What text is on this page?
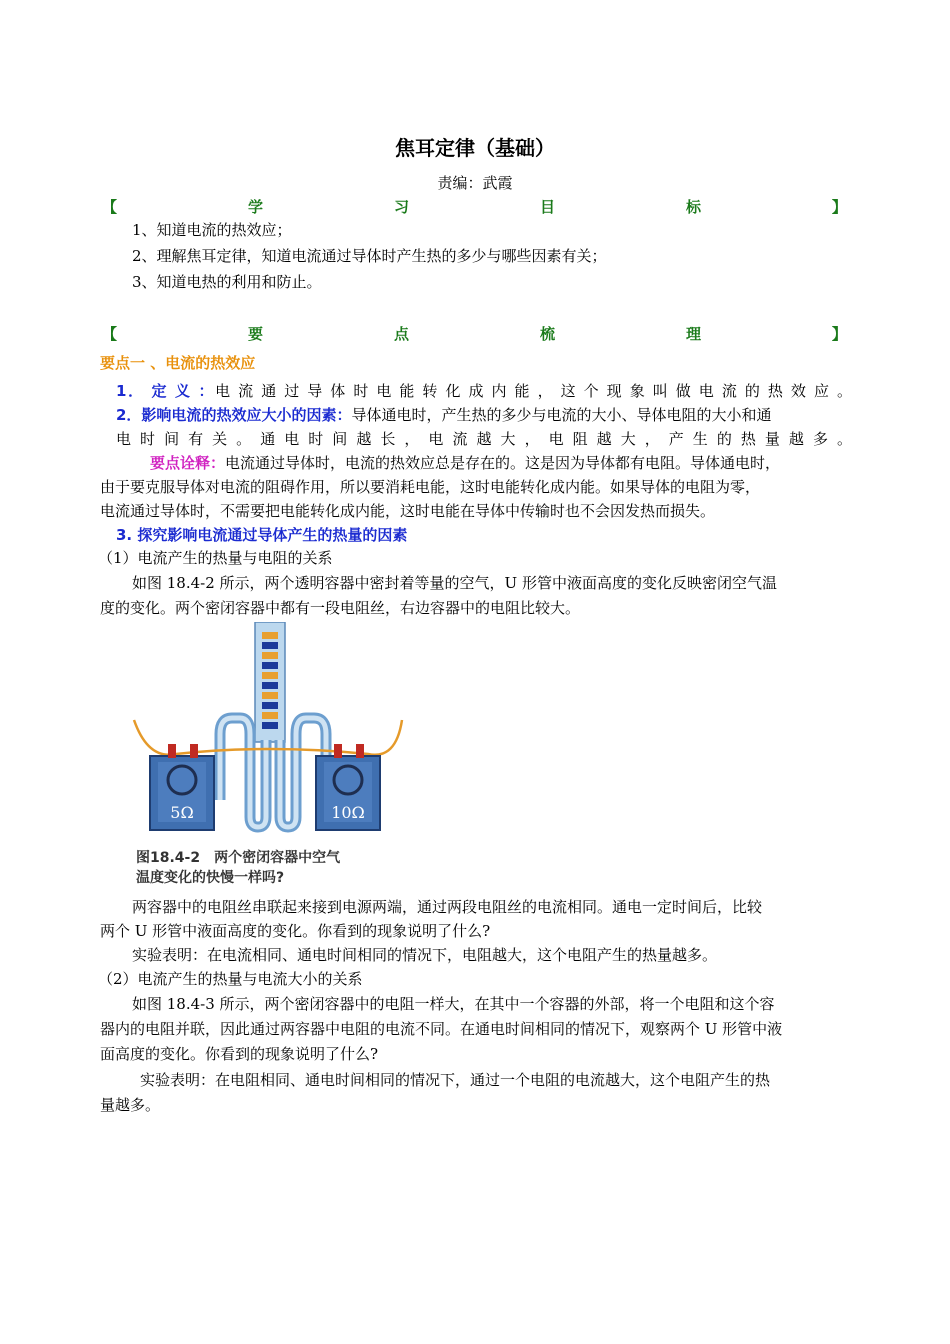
焦耳定律（基础）
责编：武霞
【	学	习	目	标	】
1、知道电流的热效应；
2、理解焦耳定律，知道电流通过导体时产生热的多少与哪些因素有关；
3、知道电热的利用和防止。
【	要	点	梳	理	】
要点一 、电流的热效应
1． 定 义 ：电 流 通 过 导 体 时 电 能 转 化 成 内 能 ， 这 个 现 象 叫 做 电 流 的 热 效 应 。
2．影响电流的热效应大小的因素：导体通电时，产生热的多少与电流的大小、导体电阻的大小和通
电 时 间 有 关 。 通 电 时 间 越 长 ， 电 流 越 大 ， 电 阻 越 大 ， 产 生 的 热 量 越 多 。
要点诠释：电流通过导体时，电流的热效应总是存在的。这是因为导体都有电阻。导体通电时，
由于要克服导体对电流的阻碍作用，所以要消耗电能，这时电能转化成内能。如果导体的电阻为零，
电流通过导体时，不需要把电能转化成内能，这时电能在导体中传输时也不会因发热而损失。
3. 探究影响电流通过导体产生的热量的因素
（1）电流产生的热量与电阻的关系
如图 18.4-2 所示，两个透明容器中密封着等量的空气，U 形管中液面高度的变化反映密闭空气温
度的变化。两个密闭容器中都有一段电阻丝，右边容器中的电阻比较大。
5Ω	10Ω
图18.4-2　两个密闭容器中空气
温度变化的快慢一样吗?
两容器中的电阻丝串联起来接到电源两端，通过两段电阻丝的电流相同。通电一定时间后，比较
两个 U 形管中液面高度的变化。你看到的现象说明了什么?
实验表明：在电流相同、通电时间相同的情况下，电阻越大，这个电阻产生的热量越多。
（2）电流产生的热量与电流大小的关系
如图 18.4-3 所示，两个密闭容器中的电阻一样大，在其中一个容器的外部，将一个电阻和这个容
器内的电阻并联，因此通过两容器中电阻的电流不同。在通电时间相同的情况下，观察两个 U 形管中液
面高度的变化。你看到的现象说明了什么?
实验表明：在电阻相同、通电时间相同的情况下，通过一个电阻的电流越大，这个电阻产生的热
量越多。
